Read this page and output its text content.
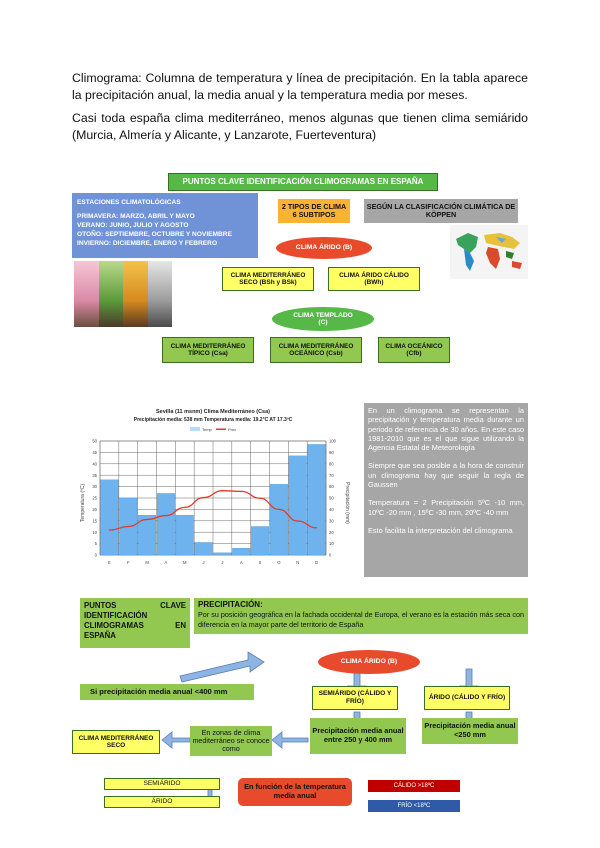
Climograma: Columna de temperatura y línea de precipitación. En la tabla aparece la precipitación anual, la media anual y la temperatura media por meses.

Casi toda españa clima mediterráneo, menos algunas que tienen clima semiárido (Murcia, Almería y Alicante, y Lanzarote, Fuerteventura)

PUNTOS CLAVE IDENTIFICACIÓN CLIMOGRAMAS EN ESPAÑA
ESTACIONES CLIMATOLÓGICAS
PRIMAVERA: MARZO, ABRIL Y MAYO
VERANO: JUNIO, JULIO Y AGOSTO
OTOÑO: SEPTIEMBRE, OCTUBRE Y NOVIEMBRE
INVIERNO: DICIEMBRE, ENERO Y FEBRERO
2 TIPOS DE CLIMA
6 SUBTIPOS
SEGÚN LA CLASIFICACIÓN CLIMÁTICA DE KÖPPEN
CLIMA ÁRIDO (B)
CLIMA MEDITERRÁNEO SECO (BSh y BSk)
CLIMA ÁRIDO CÁLIDO (BWh)
CLIMA TEMPLADO (C)
CLIMA MEDITERRÁNEO TÍPICO (Csa)
CLIMA MEDITERRÁNEO OCEÁNICO (Csb)
CLIMA OCEÁNICO (Cfb)
Sevilla (11 msnm) Clima Mediterráneo (Csa)
Precipitación media: 538 mm Temperatura media: 19.2°C AT 17.3ºC
Temp	Prec
Temperatura (ºC)	Precipitación (mm)
50	100
45	90
40	80
35	70
30	60
25	50
20	40
15	30
10	20
5	10
0	0
E	F	M	A	M	J	J	A	S	O	N	D

En un climograma se representan la precipitación y temperatura media durante un periodo de referencia de 30 años. En este caso 1981-2010 que es el que sigue utilizando la Agencia Estatal de Meteorología

Siempre que sea posible a la hora de construir un climograma hay que seguir la regla de Gaussen

Temperatura = 2 Precipitación 5ºC -10 mm, 10ºC -20 mm , 15ºC -30 mm, 20ºC -40 mm

Esto facilita la interpretación del climograma

PUNTOS CLAVE IDENTIFICACIÓN CLIMOGRAMAS EN ESPAÑA
PRECIPITACIÓN:
Por su posición geográfica en la fachada occidental de Europa, el verano es la estación más seca con diferencia en la mayor parte del territorio de España
CLIMA ÁRIDO (B)
Si precipitación media anual <400 mm	SEMIÁRIDO (CÁLIDO Y FRÍO)
ÁRIDO (CÁLIDO Y FRÍO)
Precipitación media anual entre 250 y 400 mm
Precipitación media anual <250 mm
CLIMA MEDITERRÁNEO SECO
En zonas de clima mediterráneo se conoce como
SEMIÁRIDO
ÁRIDO
En función de la temperatura media anual
CÁLIDO >18ºC
FRÍO <18ºC
